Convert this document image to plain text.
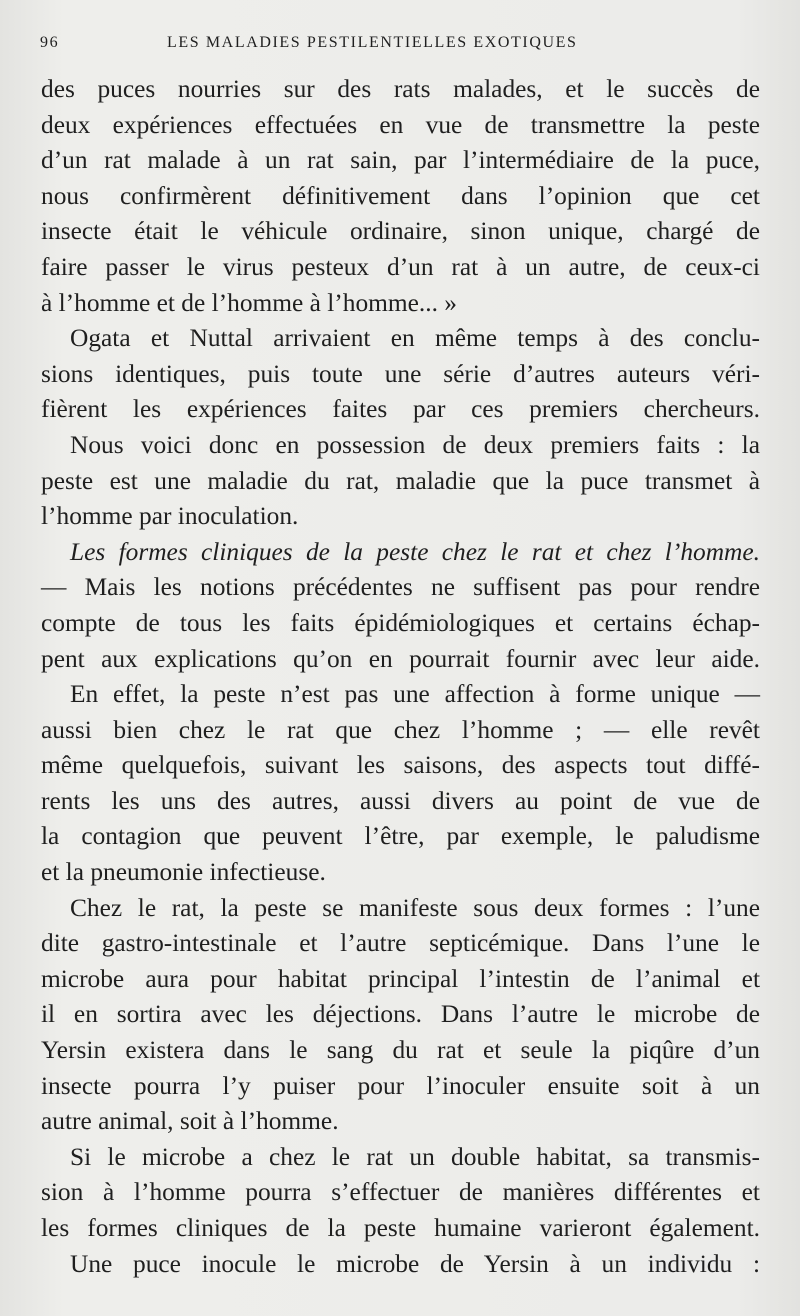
96	LES MALADIES PESTILENTIELLES EXOTIQUES
des puces nourries sur des rats malades, et le succès de
deux expériences effectuées en vue de transmettre la peste
d’un rat malade à un rat sain, par l’intermédiaire de la puce,
nous confirmèrent définitivement dans l’opinion que cet
insecte était le véhicule ordinaire, sinon unique, chargé de
faire passer le virus pesteux d’un rat à un autre, de ceux-ci
à l’homme et de l’homme à l’homme... »
Ogata et Nuttal arrivaient en même temps à des conclu-
sions identiques, puis toute une série d’autres auteurs véri-
fièrent les expériences faites par ces premiers chercheurs.
Nous voici donc en possession de deux premiers faits : la
peste est une maladie du rat, maladie que la puce transmet à
l’homme par inoculation.
Les formes cliniques de la peste chez le rat et chez l’homme.
— Mais les notions précédentes ne suffisent pas pour rendre
compte de tous les faits épidémiologiques et certains échap-
pent aux explications qu’on en pourrait fournir avec leur aide.
En effet, la peste n’est pas une affection à forme unique —
aussi bien chez le rat que chez l’homme ; — elle revêt
même quelquefois, suivant les saisons, des aspects tout diffé-
rents les uns des autres, aussi divers au point de vue de
la contagion que peuvent l’être, par exemple, le paludisme
et la pneumonie infectieuse.
Chez le rat, la peste se manifeste sous deux formes : l’une
dite gastro-intestinale et l’autre septicémique. Dans l’une le
microbe aura pour habitat principal l’intestin de l’animal et
il en sortira avec les déjections. Dans l’autre le microbe de
Yersin existera dans le sang du rat et seule la piqûre d’un
insecte pourra l’y puiser pour l’inoculer ensuite soit à un
autre animal, soit à l’homme.
Si le microbe a chez le rat un double habitat, sa transmis-
sion à l’homme pourra s’effectuer de manières différentes et
les formes cliniques de la peste humaine varieront également.
Une puce inocule le microbe de Yersin à un individu :
